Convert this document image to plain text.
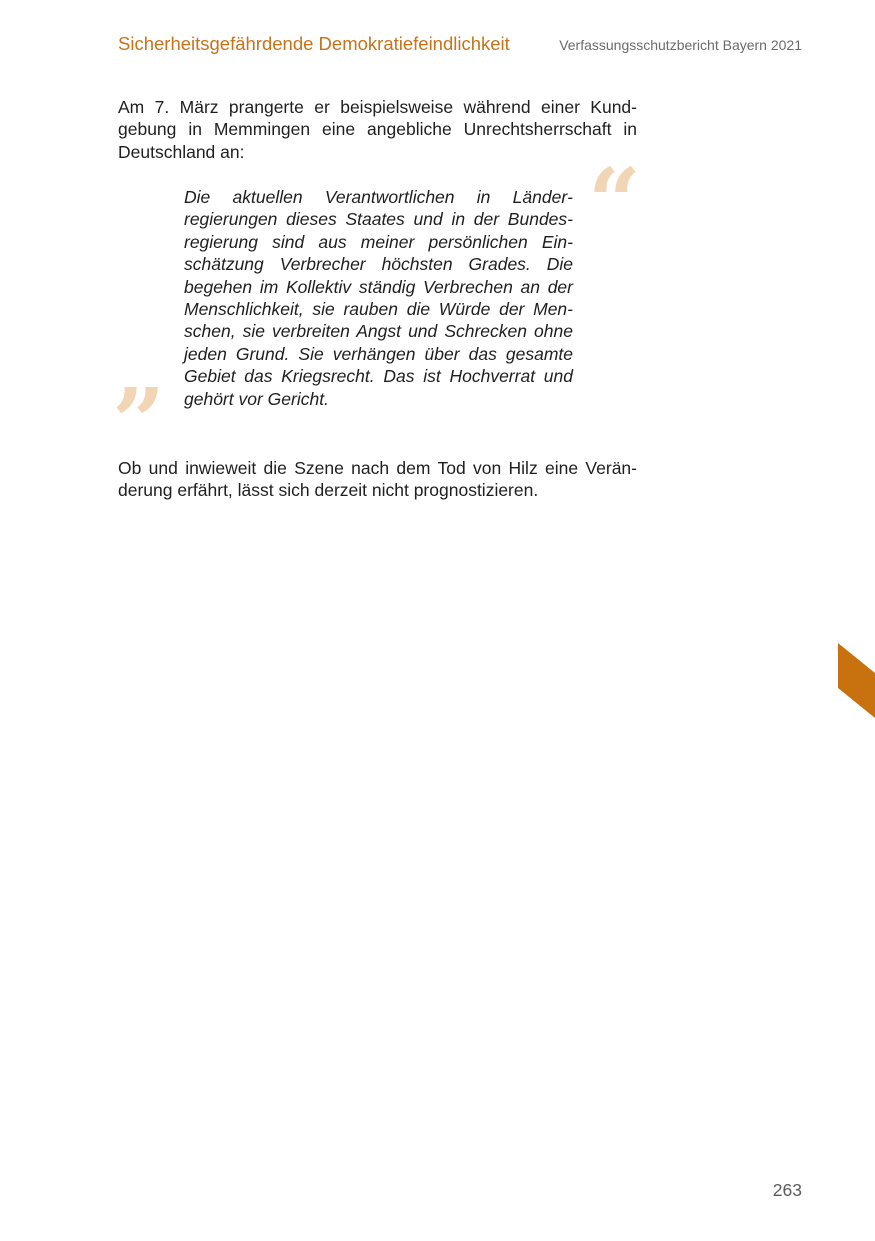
Sicherheitsgefährdende Demokratiefeindlichkeit	Verfassungsschutzbericht Bayern 2021

Am 7. März prangerte er beispielsweise während einer Kundgebung in Memmingen eine angebliche Unrechtsherrschaft in Deutschland an:	“

Die aktuellen Verantwortlichen in Länderregierungen dieses Staates und in der Bundesregierung sind aus meiner persönlichen Einschätzung Verbrecher höchsten Grades. Die begehen im Kollektiv ständig Verbrechen an der Menschlichkeit, sie rauben die Würde der Menschen, sie verbreiten Angst und Schrecken ohne jeden Grund. Sie verhängen über das gesamte Gebiet das Kriegsrecht. Das ist Hochverrat und gehört vor Gericht.

”

Ob und inwieweit die Szene nach dem Tod von Hilz eine Veränderung erfährt, lässt sich derzeit nicht prognostizieren.

263
